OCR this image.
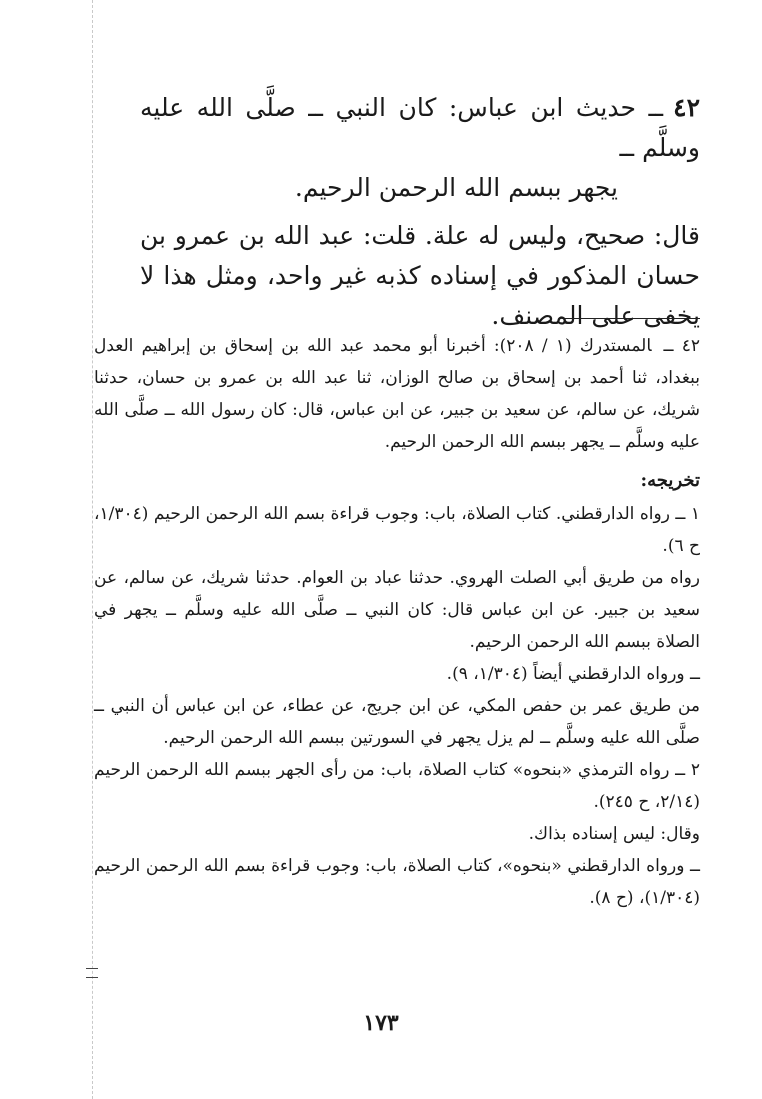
٤٢ــ حديث ابن عباس: كان النبي ــ صلَّى الله عليه وسلَّم ــ

يجهر ببسم الله الرحمن الرحيم.

قال: صحيح، وليس له علة. قلت: عبد الله بن عمرو بن حسان المذكور في إسناده كذبه غير واحد، ومثل هذا لا يخفى على المصنف.

٤٢ ــالمستدرك (١ / ٢٠٨): أخبرنا أبو محمد عبد الله بن إسحاق بن إبراهيم العدل ببغداد، ثنا أحمد بن إسحاق بن صالح الوزان، ثنا عبد الله بن عمرو بن حسان، حدثنا شريك، عن سالم، عن سعيد بن جبير، عن ابن عباس، قال: كان رسول الله ــ صلَّى الله عليه وسلَّم ــ يجهر ببسم الله الرحمن الرحيم.

تخريجه:

١ ــ رواه الدارقطني. كتاب الصلاة، باب: وجوب قراءة بسم الله الرحمن الرحيم (١/٣٠٤، ح ٦).

رواه من طريق أبي الصلت الهروي. حدثنا عباد بن العوام. حدثنا شريك، عن سالم، عن سعيد بن جبير. عن ابن عباس قال: كان النبي ــ صلَّى الله عليه وسلَّم ــ يجهر في الصلاة ببسم الله الرحمن الرحيم.

ــ ورواه الدارقطني أيضاً (١/٣٠٤، ٩).

من طريق عمر بن حفص المكي، عن ابن جريج، عن عطاء، عن ابن عباس أن النبي ــ صلَّى الله عليه وسلَّم ــ لم يزل يجهر في السورتين ببسم الله الرحمن الرحيم.

٢ ــ رواه الترمذي «بنحوه» كتاب الصلاة، باب: من رأى الجهر ببسم الله الرحمن الرحيم (٢/١٤، ح ٢٤٥).

وقال: ليس إسناده بذاك.

ــ ورواه الدارقطني «بنحوه»، كتاب الصلاة، باب: وجوب قراءة بسم الله الرحمن الرحيم (١/٣٠٤)، (ح ٨).

١٧٣
